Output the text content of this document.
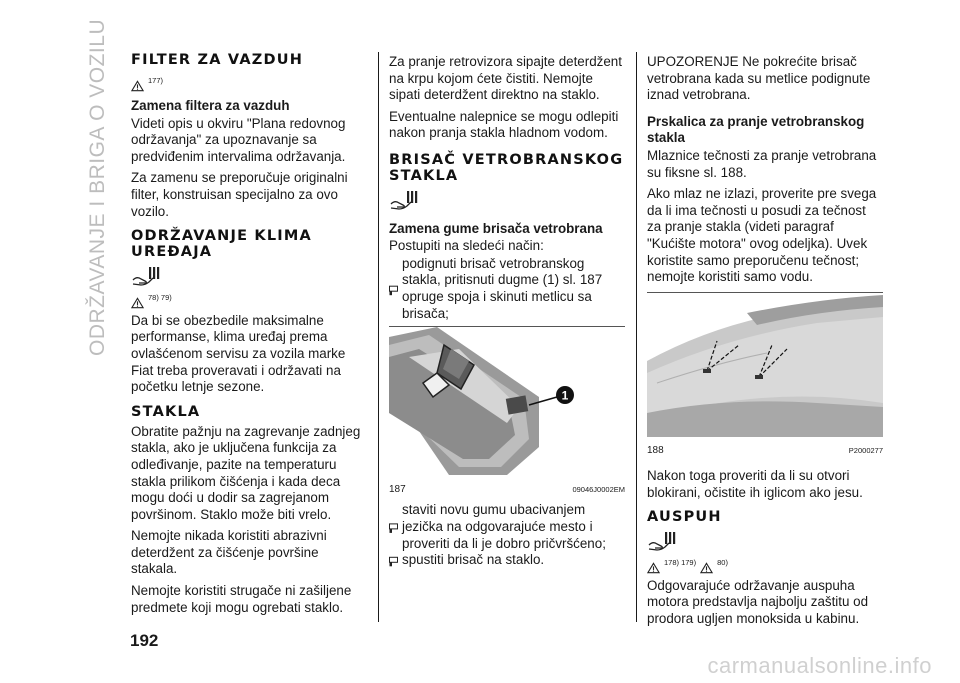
ODRŽAVANJE I BRIGA O VOZILU FILTER ZA VAZDUH
177)
Zamena filtera za vazduh

Videti opis u okviru "Plana redovnog održavanja" za upoznavanje sa predviđenim intervalima održavanja.

Za zamenu se preporučuje originalni filter, konstruisan specijalno za ovo vozilo.

ODRŽAVANJE KLIMA UREĐAJA
78) 79)

Da bi se obezbedile maksimalne performanse, klima uređaj prema ovlašćenom servisu za vozila marke Fiat treba proveravati i održavati na početku letnje sezone.

STAKLA

Obratite pažnju na zagrevanje zadnjeg stakla, ako je uključena funkcija za odleđivanje, pazite na temperaturu stakla prilikom čišćenja i kada deca mogu doći u dodir sa zagrejanom površinom. Staklo može biti vrelo.

Nemojte nikada koristiti abrazivni deterdžent za čišćenje površine stakala.

Nemojte koristiti strugače ni zašiljene predmete koji mogu ogrebati staklo.

Za pranje retrovizora sipajte deterdžent na krpu kojom ćete čistiti. Nemojte sipati deterdžent direktno na staklo.

Eventualne nalepnice se mogu odlepiti nakon pranja stakla hladnom vodom.

BRISAČ VETROBRANSKOG STAKLA
Zamena gume brisača vetrobrana

Postupiti na sledeći način:

podignuti brisač vetrobranskog stakla, pritisnuti dugme (1) sl. 187 opruge spoja i skinuti metlicu sa brisača;
1
187	09046J0002EM
staviti novu gumu ubacivanjem jezička na odgovarajuće mesto i proveriti da li je dobro pričvršćeno;
spustiti brisač na staklo.

UPOZORENJE Ne pokrećite brisač vetrobrana kada su metlice podignute iznad vetrobrana.

Prskalica za pranje vetrobranskog stakla

Mlaznice tečnosti za pranje vetrobrana su fiksne sl. 188.

Ako mlaz ne izlazi, proverite pre svega da li ima tečnosti u posudi za tečnost za pranje stakla (videti paragraf "Kućište motora" ovog odeljka). Uvek koristite samo preporučenu tečnost; nemojte koristiti samo vodu.

188	P2000277

Nakon toga proveriti da li su otvori blokirani, očistite ih iglicom ako jesu.

AUSPUH
178) 179)	80)

Odgovarajuće održavanje auspuha motora predstavlja najbolju zaštitu od prodora ugljen monoksida u kabinu.

192
carmanualsonline.info
